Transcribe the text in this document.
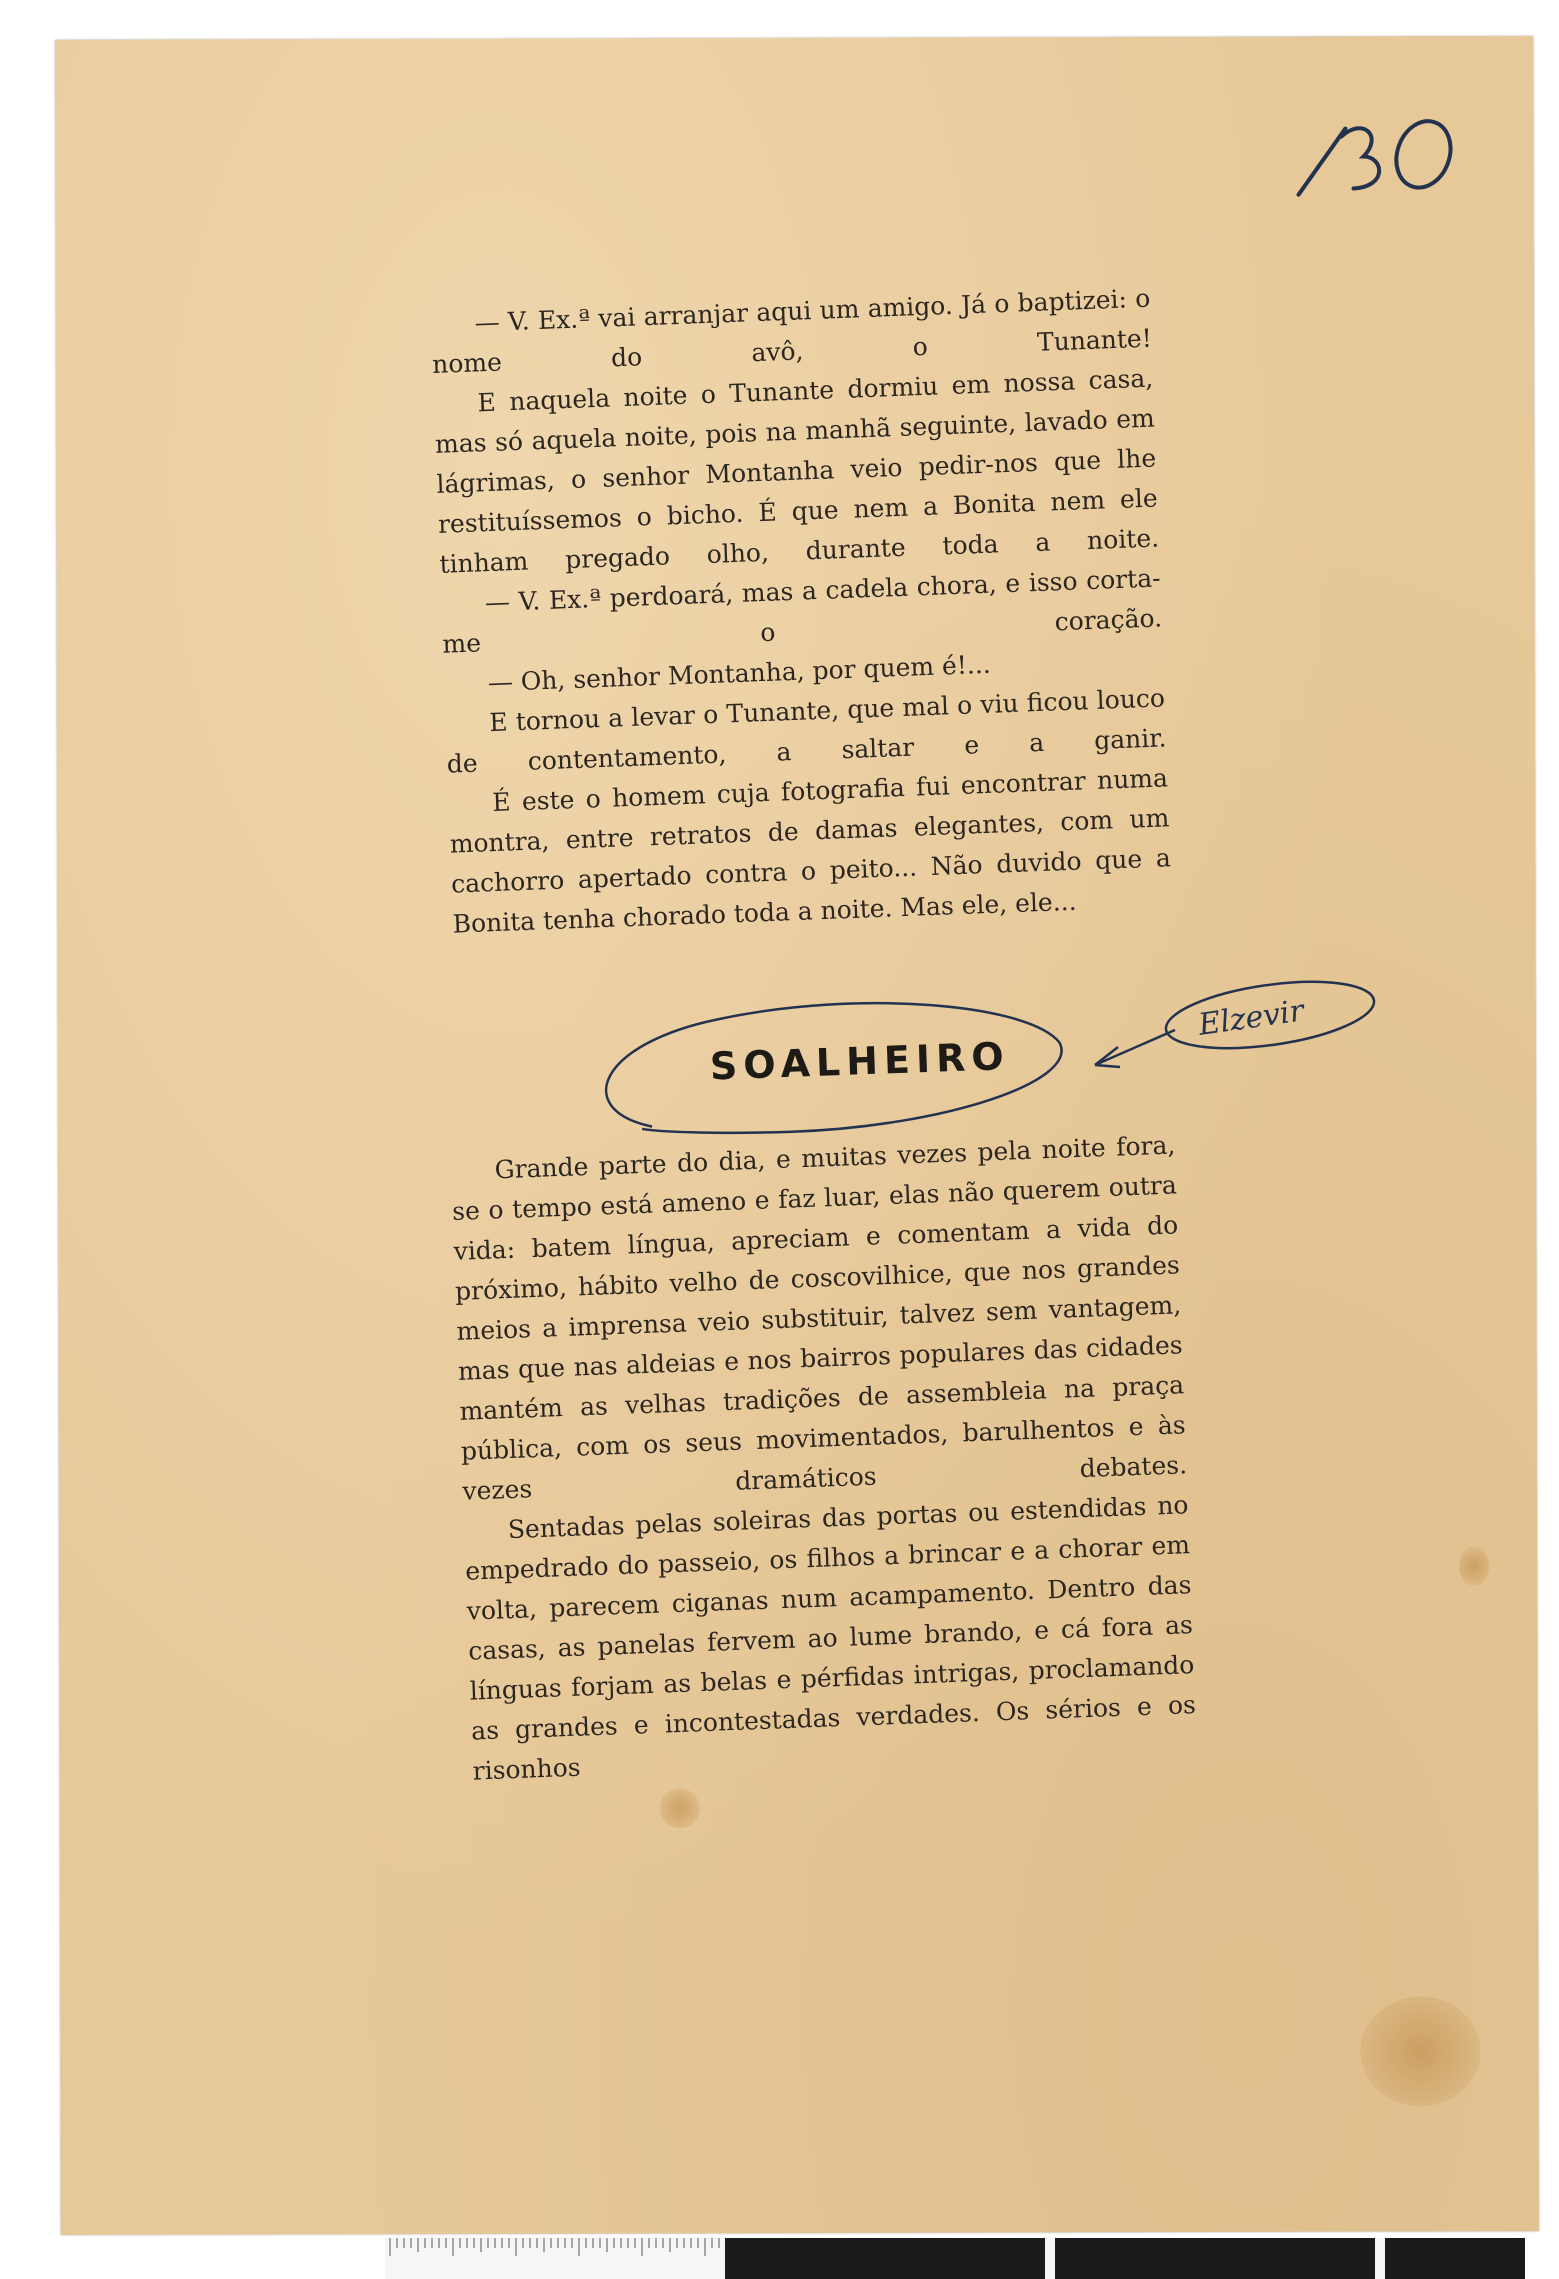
— V. Ex.ª vai arranjar aqui um amigo. Já o baptizei: o nome do avô, o Tunante!

E naquela noite o Tunante dormiu em nossa casa, mas só aquela noite, pois na manhã seguinte, lavado em lágrimas, o senhor Montanha veio pedir-nos que lhe restituíssemos o bicho. É que nem a Bonita nem ele tinham pregado olho, durante toda a noite.

— V. Ex.ª perdoará, mas a cadela chora, e isso corta-me o coração.

— Oh, senhor Montanha, por quem é!...

E tornou a levar o Tunante, que mal o viu ficou louco de contentamento, a saltar e a ganir.

É este o homem cuja fotografia fui encontrar numa montra, entre retratos de damas elegantes, com um cachorro apertado contra o peito... Não duvido que a Bonita tenha chorado toda a noite. Mas ele, ele...

SOALHEIRO
Elzevir

Grande parte do dia, e muitas vezes pela noite fora, se o tempo está ameno e faz luar, elas não querem outra vida: batem língua, apreciam e comentam a vida do próximo, hábito velho de coscovilhice, que nos grandes meios a imprensa veio substituir, talvez sem vantagem, mas que nas aldeias e nos bairros populares das cidades mantém as velhas tradições de assembleia na praça pública, com os seus movimentados, barulhentos e às vezes dramáticos debates.

Sentadas pelas soleiras das portas ou estendidas no empedrado do passeio, os filhos a brincar e a chorar em volta, parecem ciganas num acampamento. Dentro das casas, as panelas fervem ao lume brando, e cá fora as línguas forjam as belas e pérfidas intrigas, proclamando as grandes e incontestadas verdades. Os sérios e os risonhos
